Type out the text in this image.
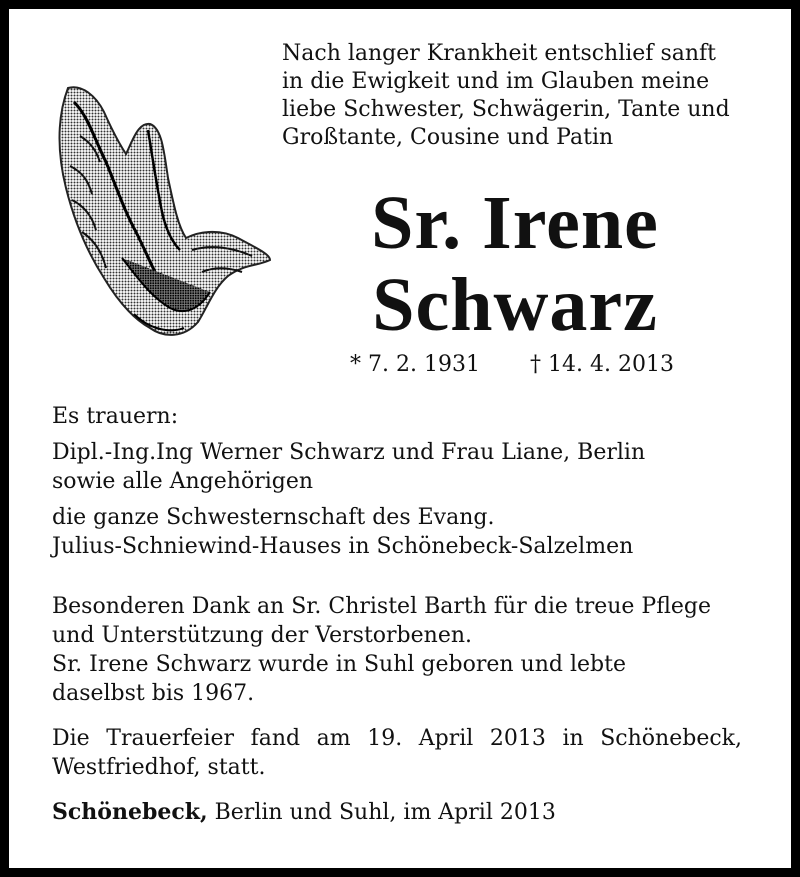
Nach langer Krankheit entschlief sanft
in die Ewigkeit und im Glauben meine
liebe Schwester, Schwägerin, Tante und
Großtante, Cousine und Patin

Sr. Irene
Schwarz
* 7. 2. 1931 † 14. 4. 2013

Es trauern:

Dipl.-Ing.Ing Werner Schwarz und Frau Liane, Berlin
sowie alle Angehörigen

die ganze Schwesternschaft des Evang.
Julius-Schniewind-Hauses in Schönebeck-Salzelmen

Besonderen Dank an Sr. Christel Barth für die treue Pflege
und Unterstützung der Verstorbenen.
Sr. Irene Schwarz wurde in Suhl geboren und lebte
daselbst bis 1967.

Die Trauerfeier fand am 19. April 2013 in Schönebeck,
Westfriedhof, statt.

Schönebeck, Berlin und Suhl, im April 2013
